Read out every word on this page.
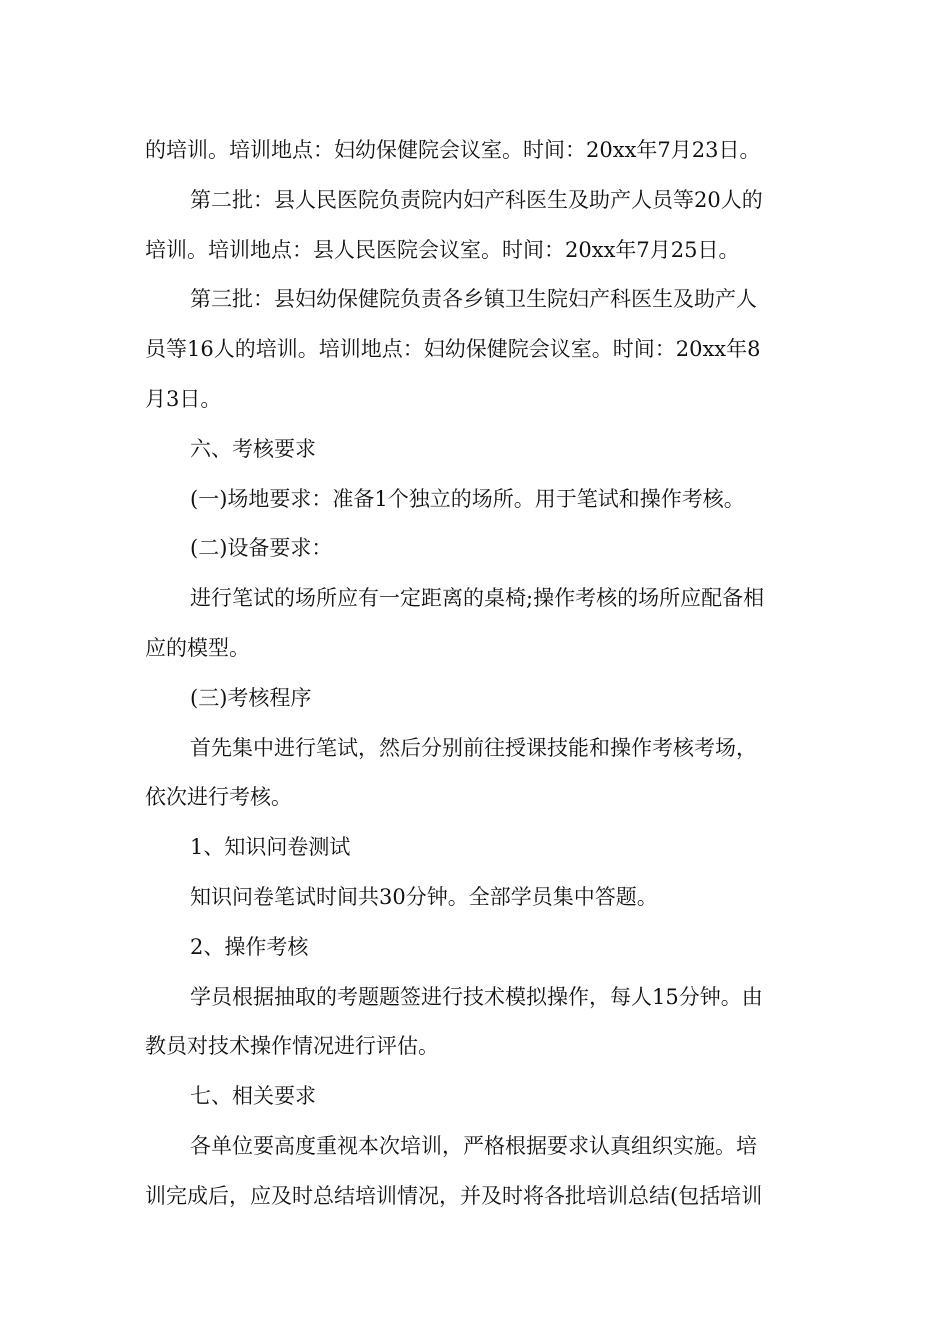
的培训。培训地点：妇幼保健院会议室。时间：20xx年7月23日。
第二批：县人民医院负责院内妇产科医生及助产人员等20人的
培训。培训地点：县人民医院会议室。时间：20xx年7月25日。
第三批：县妇幼保健院负责各乡镇卫生院妇产科医生及助产人
员等16人的培训。培训地点：妇幼保健院会议室。时间：20xx年8
月3日。
六、考核要求
(一)场地要求：准备1个独立的场所。用于笔试和操作考核。
(二)设备要求：
进行笔试的场所应有一定距离的桌椅;操作考核的场所应配备相
应的模型。
(三)考核程序
首先集中进行笔试，然后分别前往授课技能和操作考核考场，
依次进行考核。
1、知识问卷测试
知识问卷笔试时间共30分钟。全部学员集中答题。
2、操作考核
学员根据抽取的考题题签进行技术模拟操作，每人15分钟。由
教员对技术操作情况进行评估。
七、相关要求
各单位要高度重视本次培训，严格根据要求认真组织实施。培
训完成后，应及时总结培训情况，并及时将各批培训总结(包括培训
